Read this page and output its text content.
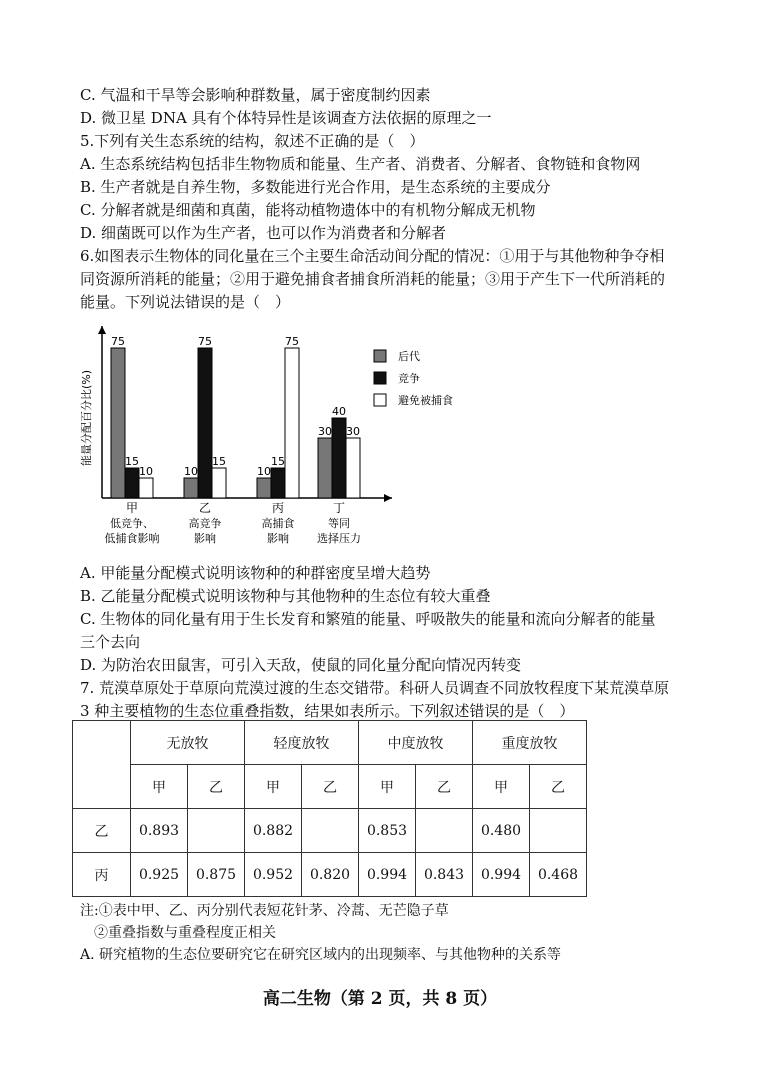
C. 气温和干旱等会影响种群数量，属于密度制约因素
D. 微卫星 DNA 具有个体特异性是该调查方法依据的原理之一
5.下列有关生态系统的结构，叙述不正确的是（　）
A. 生态系统结构包括非生物物质和能量、生产者、消费者、分解者、食物链和食物网
B. 生产者就是自养生物，多数能进行光合作用，是生态系统的主要成分
C. 分解者就是细菌和真菌，能将动植物遗体中的有机物分解成无机物
D. 细菌既可以作为生产者，也可以作为消费者和分解者
6.如图表示生物体的同化量在三个主要生命活动间分配的情况：①用于与其他物种争夺相
同资源所消耗的能量；②用于避免捕食者捕食所消耗的能量；③用于产生下一代所消耗的
能量。下列说法错误的是（　）
能量分配百分比(%)
75
15
10
甲
低竞争、
低捕食影响
10
75
15
乙
高竞争
影响
10
15
75
丙
高捕食
影响
30
40
30
丁
等同
选择压力
后代
竞争
避免被捕食
A. 甲能量分配模式说明该物种的种群密度呈增大趋势
B. 乙能量分配模式说明该物种与其他物种的生态位有较大重叠
C. 生物体的同化量有用于生长发育和繁殖的能量、呼吸散失的能量和流向分解者的能量
三个去向
D. 为防治农田鼠害，可引入天敌，使鼠的同化量分配向情况丙转变
7. 荒漠草原处于草原向荒漠过渡的生态交错带。科研人员调查不同放牧程度下某荒漠草原
3 种主要植物的生态位重叠指数，结果如表所示。下列叙述错误的是（　）
	无放牧		轻度放牧		中度放牧		重度放牧	
	甲	乙	甲	乙	甲	乙	甲	乙
乙	0.893		0.882		0.853		0.480	
丙	0.925	0.875	0.952	0.820	0.994	0.843	0.994	0.468
注:①表中甲、乙、丙分别代表短花针茅、冷蒿、无芒隐子草
　②重叠指数与重叠程度正相关
A. 研究植物的生态位要研究它在研究区域内的出现频率、与其他物种的关系等
高二生物（第 2 页，共 8 页）
